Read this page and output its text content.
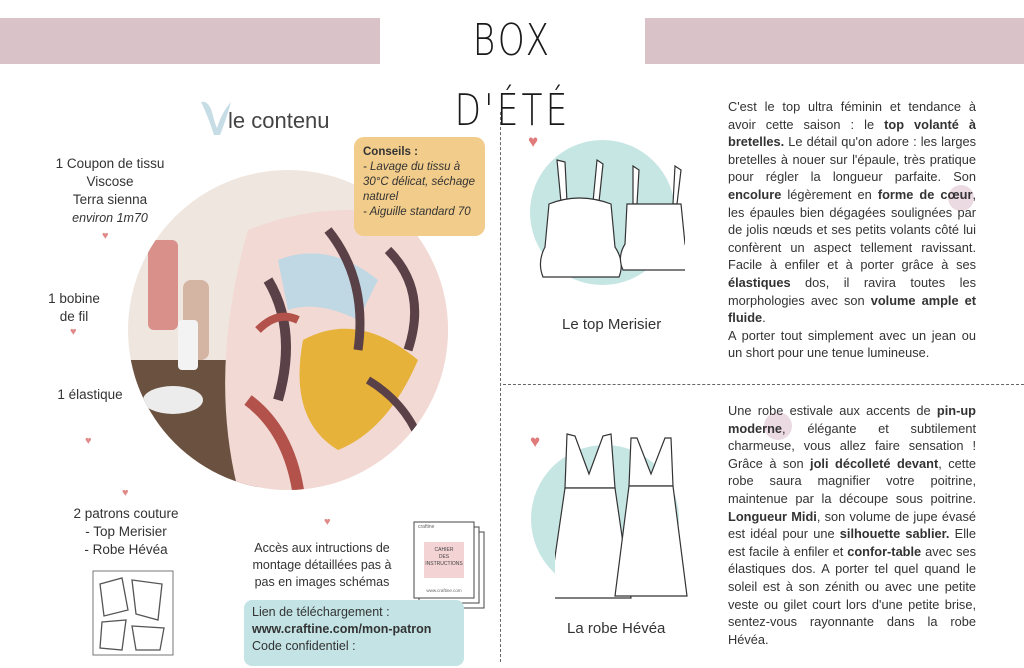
BOX D'ÉTÉ
le contenu
1 Coupon de tissu
Viscose
Terra sienna
environ 1m70
♥
1 bobine
de fil
♥
1 élastique
♥
♥
2 patrons couture
- Top Merisier
- Robe Hévéa
Conseils :
- Lavage du tissu à 30°C délicat, séchage naturel
- Aiguille standard 70
♥
Accès aux intructions de montage détaillées pas à pas en images schémas
craftine
CAHIER
DES
INSTRUCTIONS
www.craftine.com
Lien de téléchargement :
www.craftine.com/mon-patron
Code confidentiel :
♥
Le top Merisier
C'est le top ultra féminin et tendance à avoir cette saison : le top volanté à bretelles. Le détail qu'on adore : les larges bretelles à nouer sur l'épaule, très pratique pour régler la longueur parfaite. Son encolure légèrement en forme de cœur, les épaules bien dégagées soulignées par de jolis nœuds et ses petits volants côté lui confèrent un aspect tellement ravissant. Facile à enfiler et à porter grâce à ses élastiques dos, il ravira toutes les morphologies avec son volume ample et fluide.
A porter tout simplement avec un jean ou un short pour une tenue lumineuse.
♥
La robe Hévéa
Une robe estivale aux accents de pin-up moderne, élégante et subtilement charmeuse, vous allez faire sensation ! Grâce à son joli décolleté devant, cette robe saura magnifier votre poitrine, maintenue par la découpe sous poitrine. Longueur Midi, son volume de jupe évasé est idéal pour une silhouette sablier. Elle est facile à enfiler et confor-table avec ses élastiques dos. A porter tel quel quand le soleil est à son zénith ou avec une petite veste ou gilet court lors d'une petite brise, sentez-vous rayonnante dans la robe Hévéa.
